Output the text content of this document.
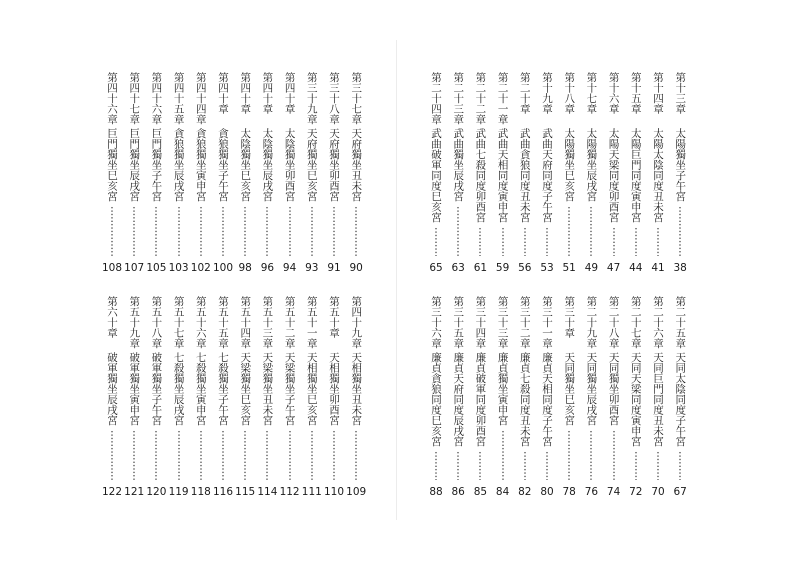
第四十六章
巨門獨坐巳亥宮
108
第四十七章
巨門獨坐辰戌宮
107
第四十六章
巨門獨坐子午宮
105
第四十五章
貪狼獨坐辰戌宮
103
第四十四章
貪狼獨坐寅申宮
102
第四十章
貪狼獨坐子午宮
100
第四十章
太陰獨坐巳亥宮
98
第四十章
太陰獨坐辰戌宮
96
第四十章
太陰獨坐卯酉宮
94
第三十九章
天府獨坐巳亥宮
93
第三十八章
天府獨坐卯酉宮
91
第三十七章
天府獨坐丑未宮
90
第二十四章
武曲破軍同度巳亥宮
65
第二十三章
武曲獨坐辰戌宮
63
第二十二章
武曲七殺同度卯酉宮
61
第二十一章
武曲天相同度寅申宮
59
第二十章
武曲貪狼同度丑未宮
56
第十九章
武曲天府同度子午宮
53
第十八章
太陽獨坐巳亥宮
51
第十七章
太陽獨坐辰戌宮
49
第十六章
太陽天梁同度卯酉宮
47
第十五章
太陽巨門同度寅申宮
44
第十四章
太陽太陰同度丑未宮
41
第十三章
太陽獨坐子午宮
38
第六十章
破軍獨坐辰戌宮
122
第五十九章
破軍獨坐寅申宮
121
第五十八章
破軍獨坐子午宮
120
第五十七章
七殺獨坐辰戌宮
119
第五十六章
七殺獨坐寅申宮
118
第五十五章
七殺獨坐子午宮
116
第五十四章
天梁獨坐巳亥宮
115
第五十三章
天梁獨坐丑未宮
114
第五十二章
天梁獨坐子午宮
112
第五十一章
天相獨坐巳亥宮
111
第五十章
天相獨坐卯酉宮
110
第四十九章
天相獨坐丑未宮
109
第三十六章
廉貞貪狼同度巳亥宮
88
第三十五章
廉貞天府同度辰戌宮
86
第三十四章
廉貞破軍同度卯酉宮
85
第三十三章
廉貞獨坐寅申宮
84
第三十二章
廉貞七殺同度丑未宮
82
第三十一章
廉貞天相同度子午宮
80
第三十章
天同獨坐巳亥宮
78
第二十九章
天同獨坐辰戌宮
76
第二十八章
天同獨坐卯酉宮
74
第二十七章
天同天梁同度寅申宮
72
第二十六章
天同巨門同度丑未宮
70
第二十五章
天同太陰同度子午宮
67
